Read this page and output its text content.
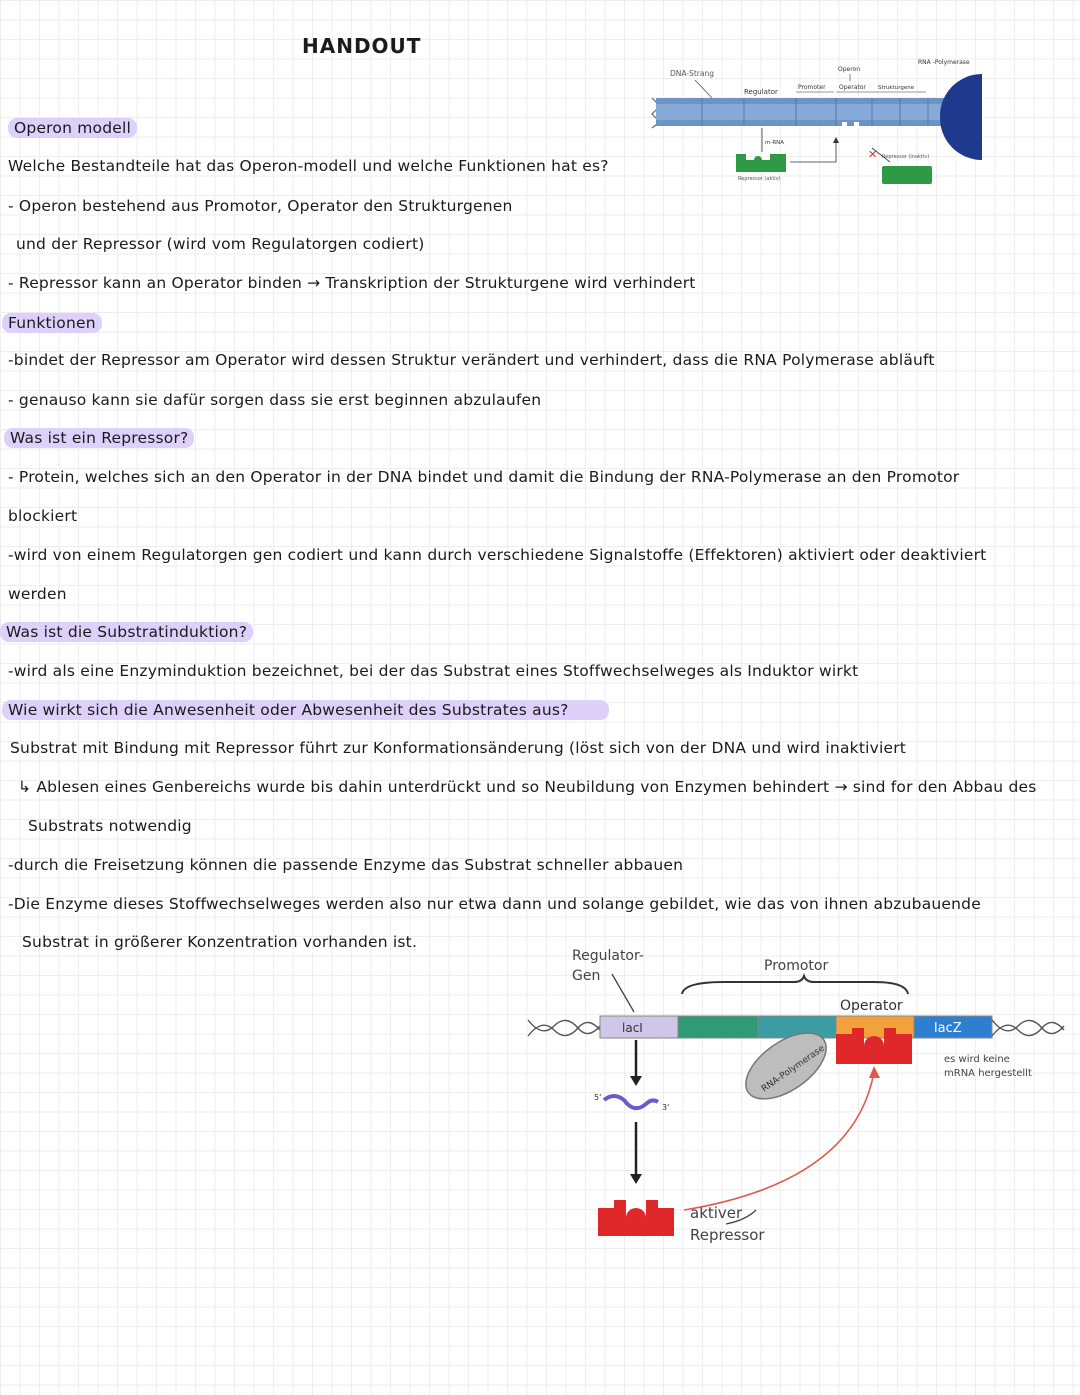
HANDOUT
DNA-Strang
Regulator
Promoter
Operon
Operator Strukturgene
RNA -Polymerase
m-RNA
Repressor (aktiv)
✕ Repressor (inaktiv)
Operon modell
Welche Bestandteile hat das Operon-modell und welche Funktionen hat es?
- Operon bestehend aus Promotor, Operator den Strukturgenen
und der Repressor (wird vom Regulatorgen codiert)
- Repressor kann an Operator binden → Transkription der Strukturgene wird verhindert
Funktionen
-bindet der Repressor am Operator wird dessen Struktur verändert und verhindert, dass die RNA Polymerase abläuft
- genauso kann sie dafür sorgen dass sie erst beginnen abzulaufen
Was ist ein Repressor?
- Protein, welches sich an den Operator in der DNA bindet und damit die Bindung der RNA-Polymerase an den Promotor
blockiert
-wird von einem Regulatorgen gen codiert und kann durch verschiedene Signalstoffe (Effektoren) aktiviert oder deaktiviert
werden
Was ist die Substratinduktion?
-wird als eine Enzyminduktion bezeichnet, bei der das Substrat eines Stoffwechselweges als Induktor wirkt
Wie wirkt sich die Anwesenheit oder Abwesenheit des Substrates aus?
Substrat mit Bindung mit Repressor führt zur Konformationsänderung (löst sich von der DNA und wird inaktiviert
↳ Ablesen eines Genbereichs wurde bis dahin unterdrückt und so Neubildung von Enzymen behindert → sind for den Abbau des
Substrats notwendig
-durch die Freisetzung können die passende Enzyme das Substrat schneller abbauen
-Die Enzyme dieses Stoffwechselweges werden also nur etwa dann und solange gebildet, wie das von ihnen abzubauende
Substrat in größerer Konzentration vorhanden ist.
Regulator-Gen
Promotor
Operator
lacI	lacZ
RNA-Polymerase	es wird keine mRNA hergestellt
5'
3'
aktiver
Repressor
